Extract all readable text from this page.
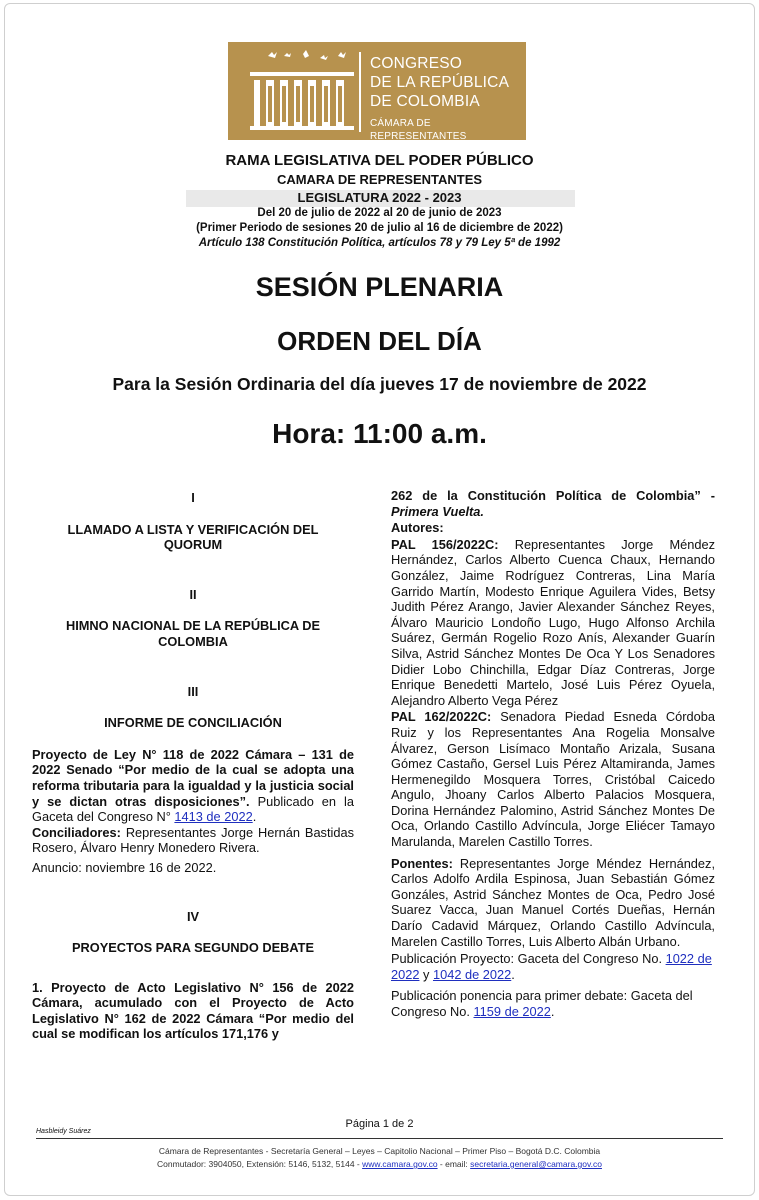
CONGRESO
DE LA REPÚBLICA
DE COLOMBIA
CÁMARA DE REPRESENTANTES
RAMA LEGISLATIVA DEL PODER PÚBLICO
CAMARA DE REPRESENTANTES
LEGISLATURA 2022 - 2023
Del 20 de julio de 2022 al 20 de junio de 2023
(Primer Periodo de sesiones 20 de julio al 16 de diciembre de 2022)
Artículo 138 Constitución Política, artículos 78 y 79 Ley 5ª de 1992
SESIÓN PLENARIA
ORDEN DEL DÍA
Para la Sesión Ordinaria del día jueves 17 de noviembre de 2022
Hora: 11:00 a.m.
I
LLAMADO A LISTA Y VERIFICACIÓN DEL
QUORUM
II
HIMNO NACIONAL DE LA REPÚBLICA DE
COLOMBIA
III
INFORME DE CONCILIACIÓN
Proyecto de Ley N° 118 de 2022 Cámara – 131 de 2022 Senado “Por medio de la cual se adopta una reforma tributaria para la igualdad y la justicia social y se dictan otras disposiciones”. Publicado en la Gaceta del Congreso N° 1413 de 2022.
Conciliadores: Representantes Jorge Hernán Bastidas Rosero, Álvaro Henry Monedero Rivera.
Anuncio: noviembre 16 de 2022.
IV
PROYECTOS PARA SEGUNDO DEBATE
1. Proyecto de Acto Legislativo N° 156 de 2022 Cámara, acumulado con el Proyecto de Acto Legislativo N° 162 de 2022 Cámara “Por medio del cual se modifican los artículos 171,176 y
262 de la Constitución Política de Colombia” - Primera Vuelta.
Autores:
PAL 156/2022C: Representantes Jorge Méndez Hernández, Carlos Alberto Cuenca Chaux, Hernando González, Jaime Rodríguez Contreras, Lina María Garrido Martín, Modesto Enrique Aguilera Vides, Betsy Judith Pérez Arango, Javier Alexander Sánchez Reyes, Álvaro Mauricio Londoño Lugo, Hugo Alfonso Archila Suárez, Germán Rogelio Rozo Anís, Alexander Guarín Silva, Astrid Sánchez Montes De Oca Y Los Senadores Didier Lobo Chinchilla, Edgar Díaz Contreras, Jorge Enrique Benedetti Martelo, José Luis Pérez Oyuela, Alejandro Alberto Vega Pérez
PAL 162/2022C: Senadora Piedad Esneda Córdoba Ruiz y los Representantes Ana Rogelia Monsalve Álvarez, Gerson Lisímaco Montaño Arizala, Susana Gómez Castaño, Gersel Luis Pérez Altamiranda, James Hermenegildo Mosquera Torres, Cristóbal Caicedo Angulo, Jhoany Carlos Alberto Palacios Mosquera, Dorina Hernández Palomino, Astrid Sánchez Montes De Oca, Orlando Castillo Advíncula, Jorge Eliécer Tamayo Marulanda, Marelen Castillo Torres.
Ponentes: Representantes Jorge Méndez Hernández, Carlos Adolfo Ardila Espinosa, Juan Sebastián Gómez Gonzáles, Astrid Sánchez Montes de Oca, Pedro José Suarez Vacca, Juan Manuel Cortés Dueñas, Hernán Darío Cadavid Márquez, Orlando Castillo Advíncula, Marelen Castillo Torres, Luis Alberto Albán Urbano.
Publicación Proyecto: Gaceta del Congreso No. 1022 de 2022 y 1042 de 2022.
Publicación ponencia para primer debate: Gaceta del Congreso No. 1159 de 2022.
Página 1 de 2
Hasbleidy Suárez
Cámara de Representantes - Secretaría General – Leyes – Capitolio Nacional – Primer Piso – Bogotá D.C. Colombia
Conmutador: 3904050, Extensión: 5146, 5132, 5144 - www.camara.gov.co - email: secretaria.general@camara.gov.co
